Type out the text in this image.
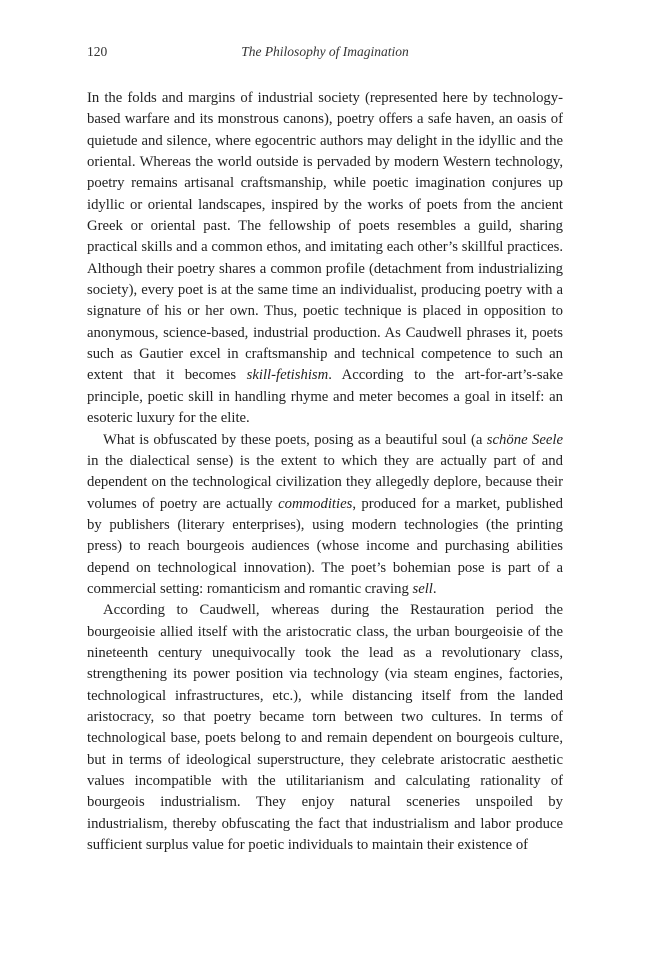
120	The Philosophy of Imagination

In the folds and margins of industrial society (represented here by technology-based warfare and its monstrous canons), poetry offers a safe haven, an oasis of quietude and silence, where egocentric authors may delight in the idyllic and the oriental. Whereas the world outside is pervaded by modern Western technology, poetry remains artisanal craftsmanship, while poetic imagination conjures up idyllic or oriental landscapes, inspired by the works of poets from the ancient Greek or oriental past. The fellowship of poets resembles a guild, sharing practical skills and a common ethos, and imitating each other’s skillful practices. Although their poetry shares a common profile (detachment from industrializing society), every poet is at the same time an individualist, producing poetry with a signature of his or her own. Thus, poetic technique is placed in opposition to anonymous, science-based, industrial production. As Caudwell phrases it, poets such as Gautier excel in craftsmanship and technical competence to such an extent that it becomes skill-fetishism. According to the art-for-art’s-sake principle, poetic skill in handling rhyme and meter becomes a goal in itself: an esoteric luxury for the elite.

What is obfuscated by these poets, posing as a beautiful soul (a schöne Seele in the dialectical sense) is the extent to which they are actually part of and dependent on the technological civilization they allegedly deplore, because their volumes of poetry are actually commodities, produced for a market, published by publishers (literary enterprises), using modern technologies (the printing press) to reach bourgeois audiences (whose income and purchasing abilities depend on technological innovation). The poet’s bohemian pose is part of a commercial setting: romanticism and romantic craving sell.

According to Caudwell, whereas during the Restauration period the bourgeoisie allied itself with the aristocratic class, the urban bourgeoisie of the nineteenth century unequivocally took the lead as a revolutionary class, strengthening its power position via technology (via steam engines, factories, technological infrastructures, etc.), while distancing itself from the landed aristocracy, so that poetry became torn between two cultures. In terms of technological base, poets belong to and remain dependent on bourgeois culture, but in terms of ideological superstructure, they celebrate aristocratic aesthetic values incompatible with the utilitarianism and calculating rationality of bourgeois industrialism. They enjoy natural sceneries unspoiled by industrialism, thereby obfuscating the fact that industrialism and labor produce sufficient surplus value for poetic individuals to maintain their existence of
